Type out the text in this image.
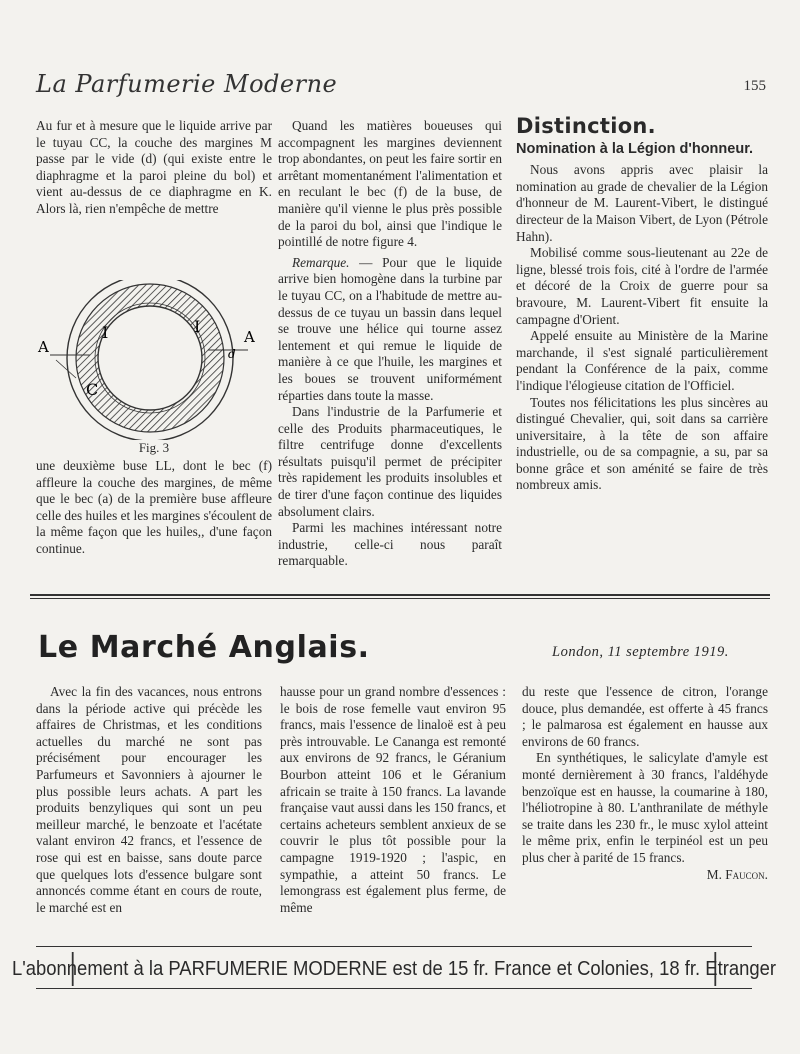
La Parfumerie Moderne	155

Au fur et à mesure que le liquide arrive par le tuyau CC, la couche des margines M passe par le vide (d) (qui existe entre le diaphragme et la paroi pleine du bol) et vient au-dessus de ce diaphragme en K. Alors là, rien n'empêche de mettre

I	I
C
A
A
d
Fig. 3

une deuxième buse LL, dont le bec (f) affleure la couche des margines, de même que le bec (a) de la première buse affleure celle des huiles et les margines s'écoulent de la même façon que les huiles,, d'une façon continue.

Quand les matières boueuses qui accompagnent les margines deviennent trop abondantes, on peut les faire sortir en arrêtant momentanément l'alimentation et en reculant le bec (f) de la buse, de manière qu'il vienne le plus près possible de la paroi du bol, ainsi que l'indique le pointillé de notre figure 4.

Remarque. — Pour que le liquide arrive bien homogène dans la turbine par le tuyau CC, on a l'habitude de mettre au-dessus de ce tuyau un bassin dans lequel se trouve une hélice qui tourne assez lentement et qui remue le liquide de manière à ce que l'huile, les margines et les boues se trouvent uniformément réparties dans toute la masse.

Dans l'industrie de la Parfumerie et celle des Produits pharmaceutiques, le filtre centrifuge donne d'excellents résultats puisqu'il permet de précipiter très rapidement les produits insolubles et de tirer d'une façon continue des liquides absolument clairs.

Parmi les machines intéressant notre industrie, celle-ci nous paraît remarquable.

Distinction.
Nomination à la Légion d'honneur.

Nous avons appris avec plaisir la nomination au grade de chevalier de la Légion d'honneur de M. Laurent-Vibert, le distingué directeur de la Maison Vibert, de Lyon (Pétrole Hahn).

Mobilisé comme sous-lieutenant au 22e de ligne, blessé trois fois, cité à l'ordre de l'armée et décoré de la Croix de guerre pour sa bravoure, M. Laurent-Vibert fit ensuite la campagne d'Orient.

Appelé ensuite au Ministère de la Marine marchande, il s'est signalé particulièrement pendant la Conférence de la paix, comme l'indique l'élogieuse citation de l'Officiel.

Toutes nos félicitations les plus sincères au distingué Chevalier, qui, soit dans sa carrière universitaire, à la tête de son affaire industrielle, ou de sa compagnie, a su, par sa bonne grâce et son aménité se faire de très nombreux amis.

Le Marché Anglais.	London, 11 septembre 1919.

Avec la fin des vacances, nous entrons dans la période active qui précède les affaires de Christmas, et les conditions actuelles du marché ne sont pas précisément pour encourager les Parfumeurs et Savonniers à ajourner le plus possible leurs achats. A part les produits benzyliques qui sont un peu meilleur marché, le benzoate et l'acétate valant environ 42 francs, et l'essence de rose qui est en baisse, sans doute parce que quelques lots d'essence bulgare sont annoncés comme étant en cours de route, le marché est en

hausse pour un grand nombre d'essences : le bois de rose femelle vaut environ 95 francs, mais l'essence de linaloë est à peu près introuvable. Le Cananga est remonté aux environs de 92 francs, le Géranium Bourbon atteint 106 et le Géranium africain se traite à 150 francs. La lavande française vaut aussi dans les 150 francs, et certains acheteurs semblent anxieux de se couvrir le plus tôt possible pour la campagne 1919-1920 ; l'aspic, en sympathie, a atteint 50 francs. Le lemongrass est également plus ferme, de même

du reste que l'essence de citron, l'orange douce, plus demandée, est offerte à 45 francs ; le palmarosa est également en hausse aux environs de 60 francs.

En synthétiques, le salicylate d'amyle est monté dernièrement à 30 francs, l'aldéhyde benzoïque est en hausse, la coumarine à 180, l'héliotropine à 80. L'anthranilate de méthyle se traite dans les 230 fr., le musc xylol atteint le même prix, enfin le terpinéol est un peu plus cher à parité de 15 francs.

M. Faucon.
L'abonnement à la PARFUMERIE MODERNE est de 15 fr. France et Colonies, 18 fr. Etranger
